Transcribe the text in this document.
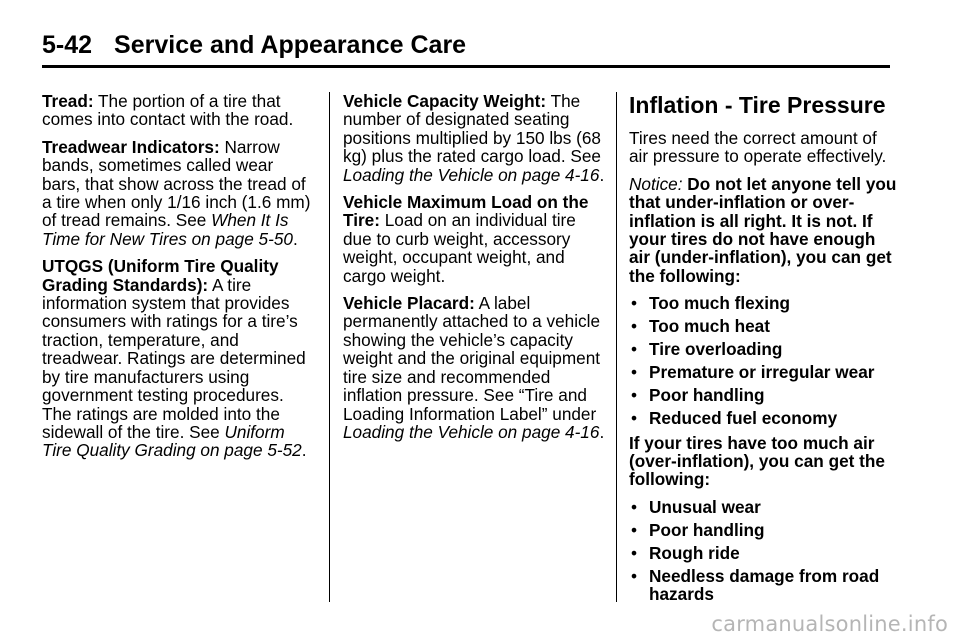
5-42 Service and Appearance Care

Tread: The portion of a tire that comes into contact with the road.

Treadwear Indicators: Narrow bands, sometimes called wear bars, that show across the tread of a tire when only 1/16 inch (1.6 mm) of tread remains. See When It Is Time for New Tires on page 5-50.

UTQGS (Uniform Tire Quality Grading Standards): A tire information system that provides consumers with ratings for a tire’s traction, temperature, and treadwear. Ratings are determined by tire manufacturers using government testing procedures. The ratings are molded into the sidewall of the tire. See Uniform Tire Quality Grading on page 5-52.

Vehicle Capacity Weight: The number of designated seating positions multiplied by 150 lbs (68 kg) plus the rated cargo load. See Loading the Vehicle on page 4-16.

Vehicle Maximum Load on the Tire: Load on an individual tire due to curb weight, accessory weight, occupant weight, and cargo weight.

Vehicle Placard: A label permanently attached to a vehicle showing the vehicle’s capacity weight and the original equipment tire size and recommended inflation pressure. See “Tire and Loading Information Label” under Loading the Vehicle on page 4-16.

Inflation - Tire Pressure

Tires need the correct amount of air pressure to operate effectively.

Notice: Do not let anyone tell you that under-inflation or over-inflation is all right. It is not. If your tires do not have enough air (under-inflation), you can get the following:

• Too much flexing
• Too much heat
• Tire overloading
• Premature or irregular wear
• Poor handling
• Reduced fuel economy

If your tires have too much air (over-inflation), you can get the following:

• Unusual wear
• Poor handling
• Rough ride
• Needless damage from road hazards
carmanualsonline.info
